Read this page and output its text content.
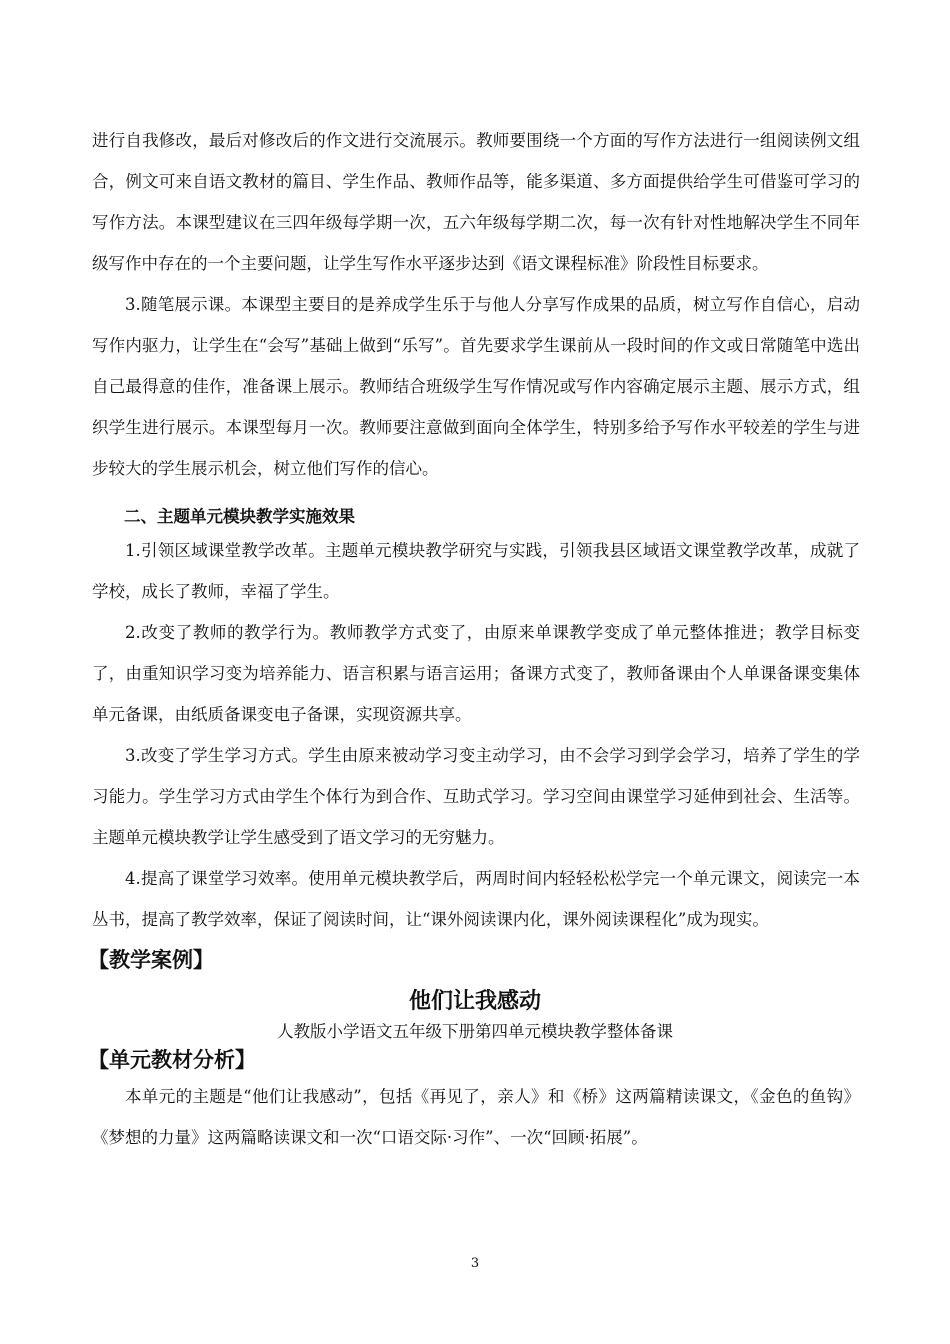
进行自我修改，最后对修改后的作文进行交流展示。教师要围绕一个方面的写作方法进行一组阅读例文组合，例文可来自语文教材的篇目、学生作品、教师作品等，能多渠道、多方面提供给学生可借鉴可学习的写作方法。本课型建议在三四年级每学期一次，五六年级每学期二次，每一次有针对性地解决学生不同年级写作中存在的一个主要问题，让学生写作水平逐步达到《语文课程标准》阶段性目标要求。

3.随笔展示课。本课型主要目的是养成学生乐于与他人分享写作成果的品质，树立写作自信心，启动写作内驱力，让学生在“会写”基础上做到“乐写”。首先要求学生课前从一段时间的作文或日常随笔中选出自己最得意的佳作，准备课上展示。教师结合班级学生写作情况或写作内容确定展示主题、展示方式，组织学生进行展示。本课型每月一次。教师要注意做到面向全体学生，特别多给予写作水平较差的学生与进步较大的学生展示机会，树立他们写作的信心。

二、主题单元模块教学实施效果

1.引领区域课堂教学改革。主题单元模块教学研究与实践，引领我县区域语文课堂教学改革，成就了学校，成长了教师，幸福了学生。

2.改变了教师的教学行为。教师教学方式变了，由原来单课教学变成了单元整体推进；教学目标变了，由重知识学习变为培养能力、语言积累与语言运用；备课方式变了，教师备课由个人单课备课变集体单元备课，由纸质备课变电子备课，实现资源共享。

3.改变了学生学习方式。学生由原来被动学习变主动学习，由不会学习到学会学习，培养了学生的学习能力。学生学习方式由学生个体行为到合作、互助式学习。学习空间由课堂学习延伸到社会、生活等。主题单元模块教学让学生感受到了语文学习的无穷魅力。

4.提高了课堂学习效率。使用单元模块教学后，两周时间内轻轻松松学完一个单元课文，阅读完一本丛书，提高了教学效率，保证了阅读时间，让“课外阅读课内化，课外阅读课程化”成为现实。

【教学案例】

他们让我感动

人教版小学语文五年级下册第四单元模块教学整体备课

【单元教材分析】

本单元的主题是“他们让我感动”，包括《再见了，亲人》和《桥》这两篇精读课文，《金色的鱼钩》《梦想的力量》这两篇略读课文和一次“口语交际·习作”、一次“回顾·拓展”。

3
